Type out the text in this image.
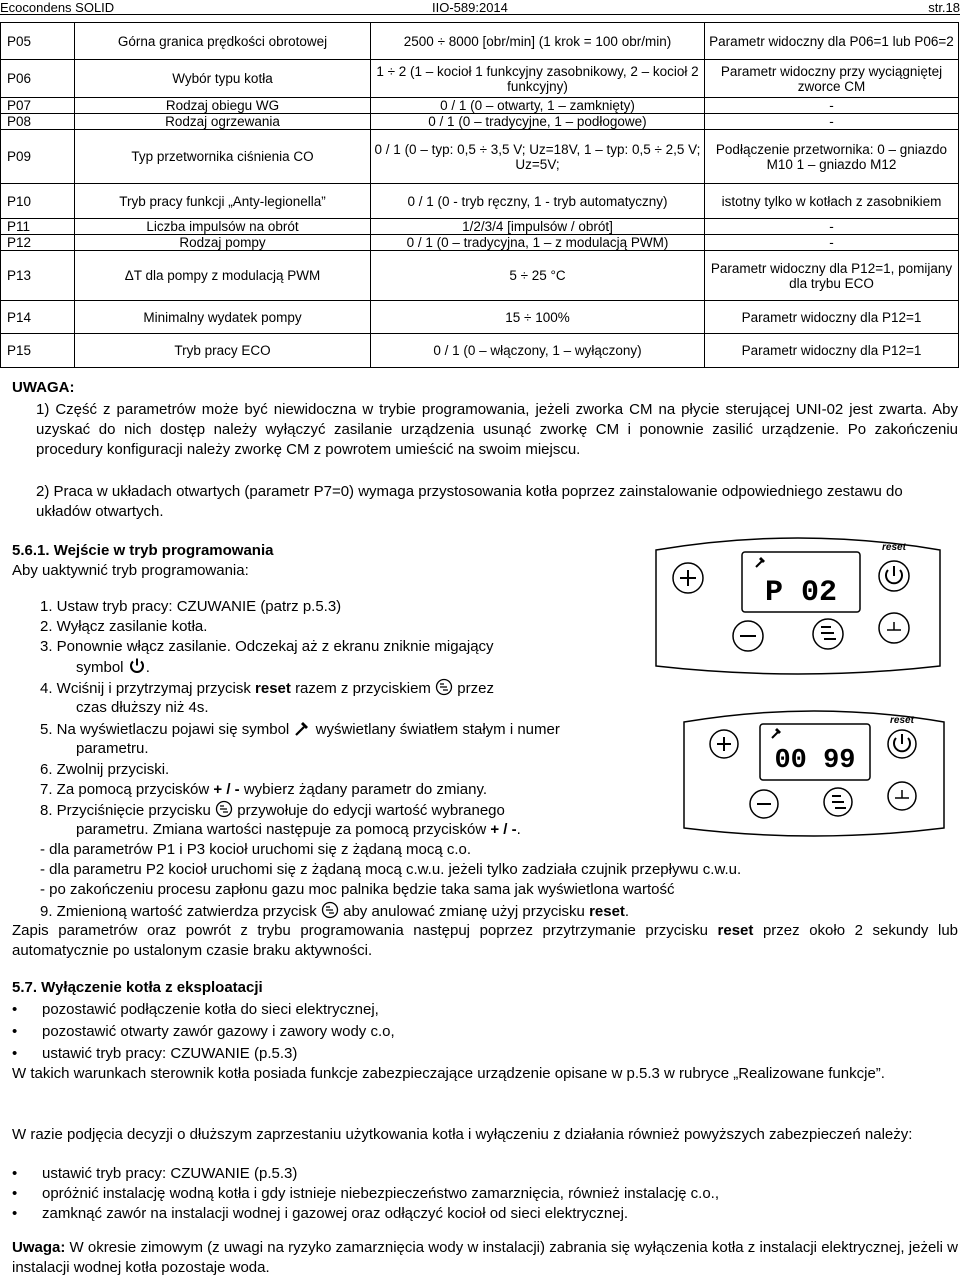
Ecocondens SOLID	IIO-589:2014	str.18
P05	Górna granica prędkości obrotowej	2500 ÷ 8000 [obr/min] (1 krok = 100 obr/min)	Parametr widoczny dla P06=1 lub P06=2
P06	Wybór typu kotła	1 ÷ 2 (1 – kocioł 1 funkcyjny zasobnikowy, 2 – kocioł 2 funkcyjny)	Parametr widoczny przy wyciągniętej zworce CM
P07	Rodzaj obiegu WG	0 / 1 (0 – otwarty, 1 – zamknięty)	-
P08	Rodzaj ogrzewania	0 / 1 (0 – tradycyjne, 1 – podłogowe)	-
P09	Typ przetwornika ciśnienia CO	0 / 1 (0 – typ: 0,5 ÷ 3,5 V; Uz=18V, 1 – typ: 0,5 ÷ 2,5 V; Uz=5V;	Podłączenie przetwornika: 0 – gniazdo M10 1 – gniazdo M12
P10	Tryb pracy funkcji „Anty-legionella”	0 / 1 (0 - tryb ręczny, 1 - tryb automatyczny)	istotny tylko w kotłach z zasobnikiem
P11	Liczba impulsów na obrót	1/2/3/4 [impulsów / obrót]	-
P12	Rodzaj pompy	0 / 1 (0 – tradycyjna, 1 – z modulacją PWM)	-
P13	ΔT dla pompy z modulacją PWM	5 ÷ 25 °C	Parametr widoczny dla P12=1, pomijany dla trybu ECO
P14	Minimalny wydatek pompy	15 ÷ 100%	Parametr widoczny dla P12=1
P15	Tryb pracy ECO	0 / 1 (0 – włączony, 1 – wyłączony)	Parametr widoczny dla P12=1
UWAGA:
1) Część z parametrów może być niewidoczna w trybie programowania, jeżeli zworka CM na płycie sterującej UNI-02 jest zwarta. Aby uzyskać do nich dostęp należy wyłączyć zasilanie urządzenia usunąć zworkę CM i ponownie zasilić urządzenie. Po zakończeniu procedury konfiguracji należy zworkę CM z powrotem umieścić na swoim miejscu.
2) Praca w układach otwartych (parametr P7=0) wymaga przystosowania kotła poprzez zainstalowanie odpowiedniego zestawu do układów otwartych.
5.6.1. Wejście w tryb programowania
Aby uaktywnić tryb programowania:
1. Ustaw tryb pracy: CZUWANIE (patrz p.5.3)
2. Wyłącz zasilanie kotła.
3. Ponownie włącz zasilanie. Odczekaj aż z ekranu zniknie migający
symbol .
4. Wciśnij i przytrzymaj przycisk reset razem z przyciskiem przez
czas dłuższy niż 4s.
5. Na wyświetlaczu pojawi się symbol wyświetlany światłem stałym i numer
parametru.
6. Zwolnij przyciski.
7. Za pomocą przycisków + / - wybierz żądany parametr do zmiany.
8. Przyciśnięcie przycisku przywołuje do edycji wartość wybranego
parametru. Zmiana wartości następuje za pomocą przycisków + / -.
- dla parametrów P1 i P3 kocioł uruchomi się z żądaną mocą c.o.
- dla parametru P2 kocioł uruchomi się z żądaną mocą c.w.u. jeżeli tylko zadziała czujnik przepływu c.w.u.
- po zakończeniu procesu zapłonu gazu moc palnika będzie taka sama jak wyświetlona wartość
9. Zmienioną wartość zatwierdza przycisk aby anulować zmianę użyj przycisku reset.
Zapis parametrów oraz powrót z trybu programowania następuj poprzez przytrzymanie przycisku reset przez około 2 sekundy lub automatycznie po ustalonym czasie braku aktywności.
P 02
reset
00 99
reset
5.7. Wyłączenie kotła z eksploatacji
• pozostawić podłączenie kotła do sieci elektrycznej,
• pozostawić otwarty zawór gazowy i zawory wody c.o,
• ustawić tryb pracy: CZUWANIE (p.5.3)
W takich warunkach sterownik kotła posiada funkcje zabezpieczające urządzenie opisane w p.5.3 w rubryce „Realizowane funkcje”.
W razie podjęcia decyzji o dłuższym zaprzestaniu użytkowania kotła i wyłączeniu z działania również powyższych zabezpieczeń należy:
• ustawić tryb pracy: CZUWANIE (p.5.3)
• opróżnić instalację wodną kotła i gdy istnieje niebezpieczeństwo zamarznięcia, również instalację c.o.,
• zamknąć zawór na instalacji wodnej i gazowej oraz odłączyć kocioł od sieci elektrycznej.
Uwaga: W okresie zimowym (z uwagi na ryzyko zamarznięcia wody w instalacji) zabrania się wyłączenia kotła z instalacji elektrycznej, jeżeli w instalacji wodnej kotła pozostaje woda.
